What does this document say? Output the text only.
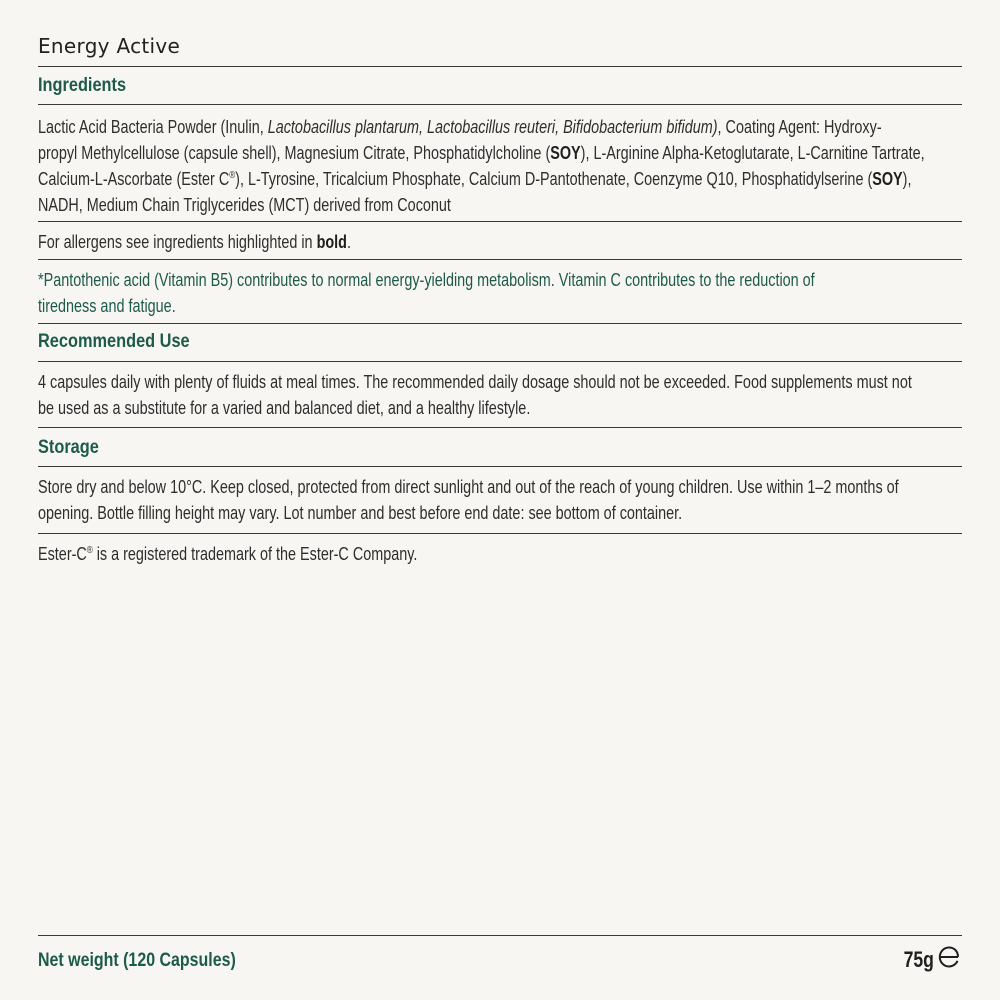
Energy Active
Ingredients
Lactic Acid Bacteria Powder (Inulin, Lactobacillus plantarum, Lactobacillus reuteri, Bifidobacterium bifidum), Coating Agent: Hydroxy-
propyl Methylcellulose (capsule shell), Magnesium Citrate, Phosphatidylcholine (SOY), L-Arginine Alpha-Ketoglutarate, L-Carnitine Tartrate,
Calcium-L-Ascorbate (Ester C®), L-Tyrosine, Tricalcium Phosphate, Calcium D-Pantothenate, Coenzyme Q10, Phosphatidylserine (SOY),
NADH, Medium Chain Triglycerides (MCT) derived from Coconut
For allergens see ingredients highlighted in bold.
*Pantothenic acid (Vitamin B5) contributes to normal energy-yielding metabolism. Vitamin C contributes to the reduction of
tiredness and fatigue.
Recommended Use
4 capsules daily with plenty of fluids at meal times. The recommended daily dosage should not be exceeded. Food supplements must not
be used as a substitute for a varied and balanced diet, and a healthy lifestyle.
Storage
Store dry and below 10°C. Keep closed, protected from direct sunlight and out of the reach of young children. Use within 1–2 months of
opening. Bottle filling height may vary. Lot number and best before end date: see bottom of container.
Ester-C® is a registered trademark of the Ester-C Company.
Net weight (120 Capsules)	75g
